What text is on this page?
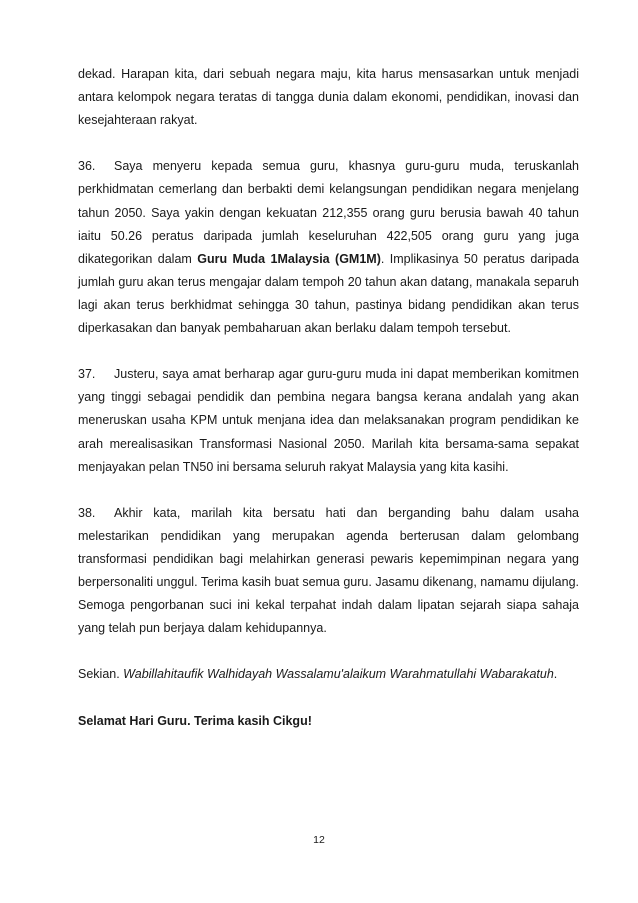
dekad. Harapan kita, dari sebuah negara maju, kita harus mensasarkan untuk menjadi antara kelompok negara teratas di tangga dunia dalam ekonomi, pendidikan, inovasi dan kesejahteraan rakyat.

36. Saya menyeru kepada semua guru, khasnya guru-guru muda, teruskanlah perkhidmatan cemerlang dan berbakti demi kelangsungan pendidikan negara menjelang tahun 2050. Saya yakin dengan kekuatan 212,355 orang guru berusia bawah 40 tahun iaitu 50.26 peratus daripada jumlah keseluruhan 422,505 orang guru yang juga dikategorikan dalam Guru Muda 1Malaysia (GM1M). Implikasinya 50 peratus daripada jumlah guru akan terus mengajar dalam tempoh 20 tahun akan datang, manakala separuh lagi akan terus berkhidmat sehingga 30 tahun, pastinya bidang pendidikan akan terus diperkasakan dan banyak pembaharuan akan berlaku dalam tempoh tersebut.

37. Justeru, saya amat berharap agar guru-guru muda ini dapat memberikan komitmen yang tinggi sebagai pendidik dan pembina negara bangsa kerana andalah yang akan meneruskan usaha KPM untuk menjana idea dan melaksanakan program pendidikan ke arah merealisasikan Transformasi Nasional 2050. Marilah kita bersama-sama sepakat menjayakan pelan TN50 ini bersama seluruh rakyat Malaysia yang kita kasihi.

38. Akhir kata, marilah kita bersatu hati dan berganding bahu dalam usaha melestarikan pendidikan yang merupakan agenda berterusan dalam gelombang transformasi pendidikan bagi melahirkan generasi pewaris kepemimpinan negara yang berpersonaliti unggul. Terima kasih buat semua guru. Jasamu dikenang, namamu dijulang. Semoga pengorbanan suci ini kekal terpahat indah dalam lipatan sejarah siapa sahaja yang telah pun berjaya dalam kehidupannya.

Sekian. Wabillahitaufik Walhidayah Wassalamu'alaikum Warahmatullahi Wabarakatuh.

Selamat Hari Guru. Terima kasih Cikgu!

12
